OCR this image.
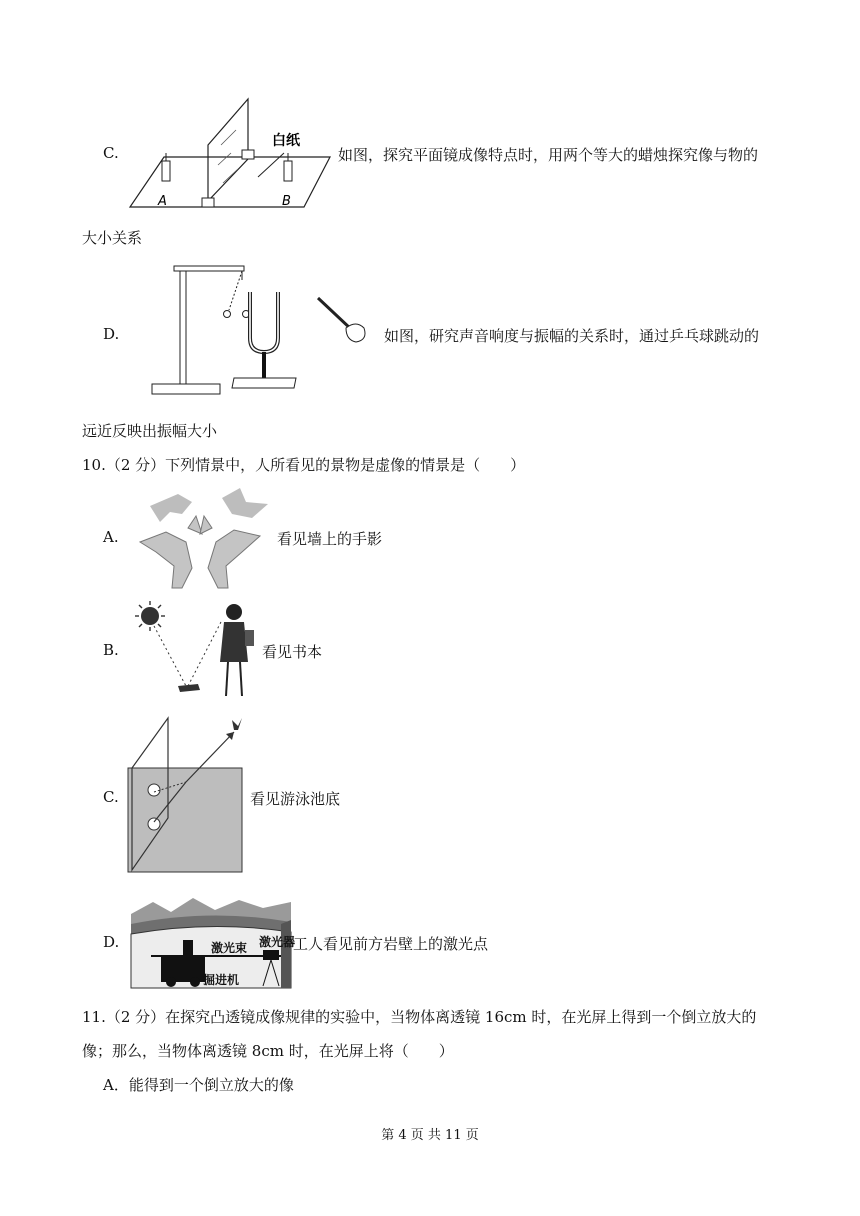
C.
白纸
A	B
如图，探究平面镜成像特点时，用两个等大的蜡烛探究像与物的
大小关系
D.	如图，研究声音响度与振幅的关系时，通过乒乓球跳动的
远近反映出振幅大小
10.（2 分）下列情景中，人所看见的景物是虚像的情景是（　　）
A.	看见墙上的手影
B.	看见书本
C.	看见游泳池底
D.	激光器
激光束
掘进机
工人看见前方岩壁上的激光点
11.（2 分）在探究凸透镜成像规律的实验中，当物体离透镜 16cm 时，在光屏上得到一个倒立放大的
像；那么，当物体离透镜 8cm 时，在光屏上将（　　）
A．能得到一个倒立放大的像
第 4 页 共 11 页
